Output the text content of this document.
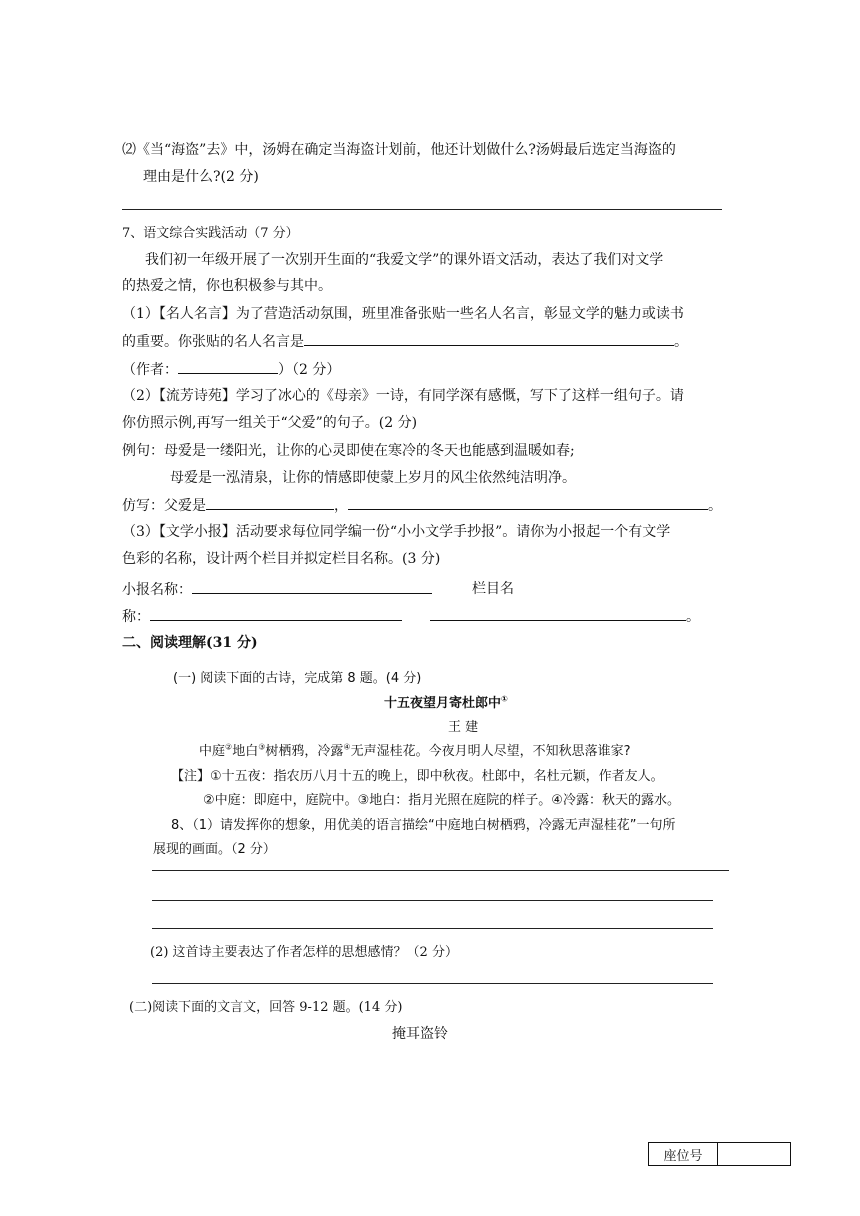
⑵《当“海盗”去》中，汤姆在确定当海盗计划前，他还计划做什么?汤姆最后选定当海盗的
理由是什么?(2 分)
7、语文综合实践活动（7 分）
我们初一年级开展了一次别开生面的“我爱文学”的课外语文活动，表达了我们对文学
的热爱之情，你也积极参与其中。
（1）【名人名言】为了营造活动氛围，班里准备张贴一些名人名言，彰显文学的魅力或读书
的重要。你张贴的名人名言是	。
（作者：	）（2 分）
（2）【流芳诗苑】学习了冰心的《母亲》一诗，有同学深有感慨，写下了这样一组句子。请
你仿照示例,再写一组关于“父爱”的句子。(2 分)
例句：母爱是一缕阳光，让你的心灵即使在寒冷的冬天也能感到温暖如春;
母爱是一泓清泉，让你的情感即使蒙上岁月的风尘依然纯洁明净。
仿写：父爱是	，	。
（3）【文学小报】活动要求每位同学编一份“小小文学手抄报”。请你为小报起一个有文学
色彩的名称，设计两个栏目并拟定栏目名称。(3 分)
小报名称：	栏目名
称：	。
二、阅读理解(31 分)
(一) 阅读下面的古诗，完成第 8 题。(4 分)
十五夜望月寄杜郎中①
王 建
中庭②地白③树栖鸦，冷露④无声湿桂花。今夜月明人尽望，不知秋思落谁家?
【注】①十五夜：指农历八月十五的晚上，即中秋夜。杜郎中，名杜元颖，作者友人。
②中庭：即庭中，庭院中。③地白：指月光照在庭院的样子。④冷露：秋天的露水。
8、（1）请发挥你的想象，用优美的语言描绘“中庭地白树栖鸦，冷露无声湿桂花”一句所
展现的画面。（2 分）
(2) 这首诗主要表达了作者怎样的思想感情？（2 分）
(二)阅读下面的文言文，回答 9-12 题。(14 分)
掩耳盗铃
座位号
